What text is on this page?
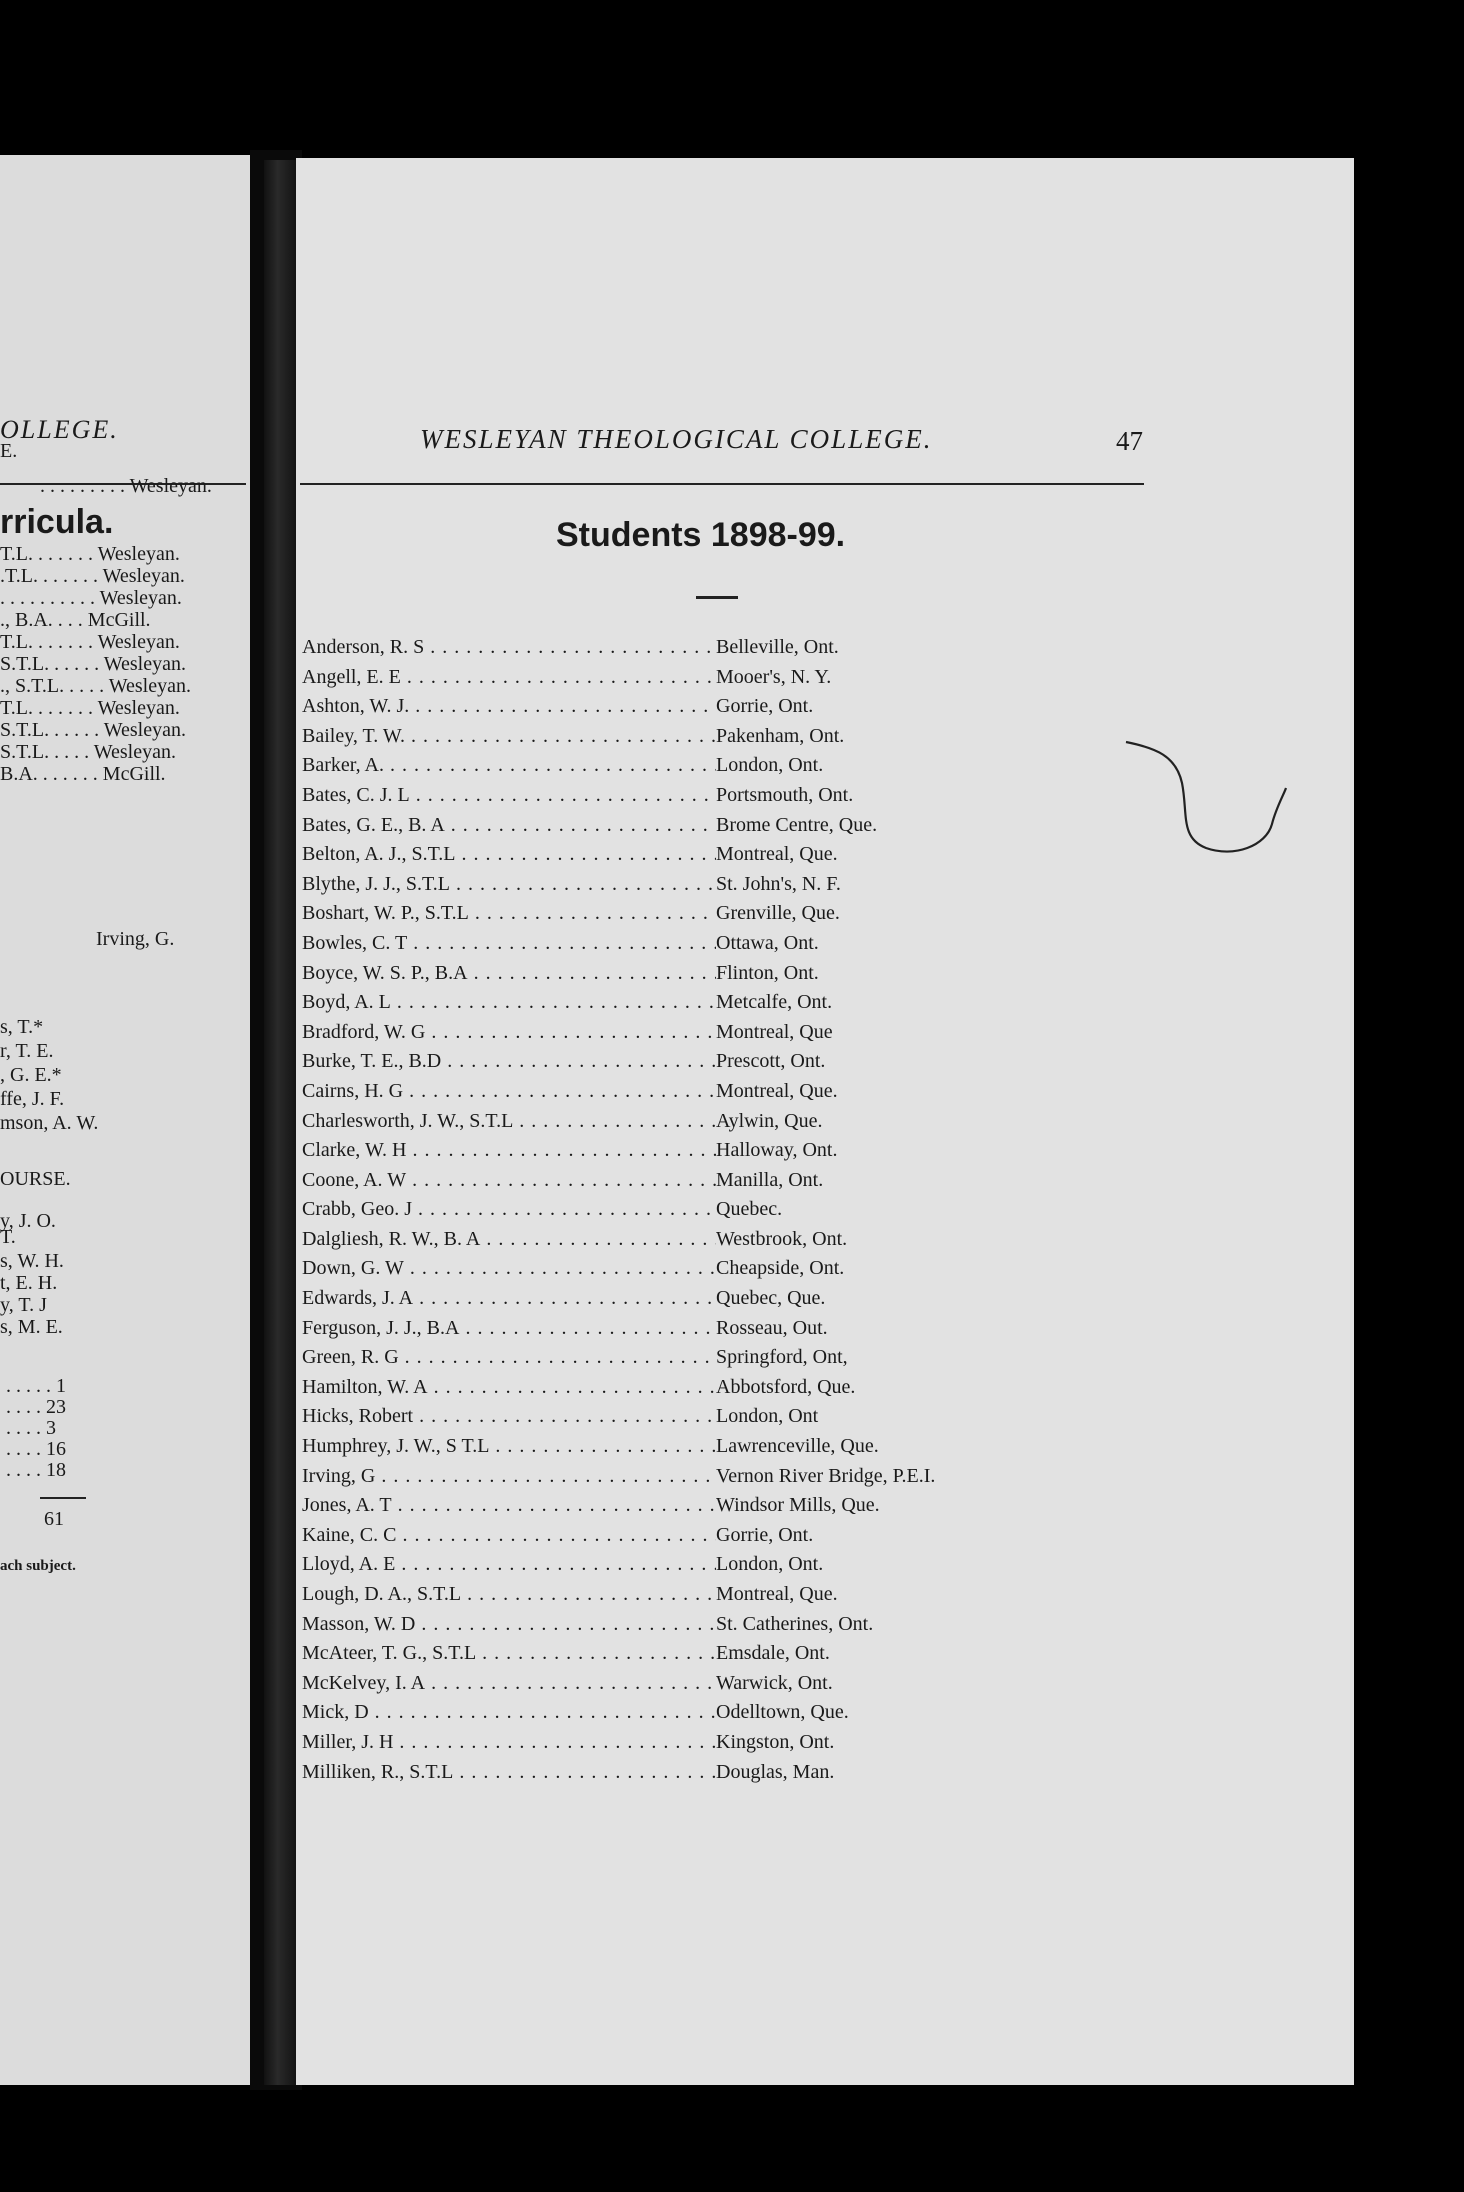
OLLEGE.
rricula.
E.
. . . . . . . . . Wesleyan.
T.L. . . . . . . Wesleyan.
.T.L. . . . . . . Wesleyan.
. . . . . . . . . . Wesleyan.
., B.A. . . . McGill.
T.L. . . . . . . Wesleyan.
S.T.L. . . . . . Wesleyan.
., S.T.L. . . . . Wesleyan.
T.L. . . . . . . Wesleyan.
S.T.L. . . . . . Wesleyan.
S.T.L. . . . . Wesleyan.
B.A. . . . . . . McGill.
Irving, G.
s, T.*
r, T. E.
, G. E.*
ffe, J. F.
mson, A. W.
OURSE.
y, J. O.
T.
s, W. H.
t, E. H.
y, T. J
s, M. E.
. . . . . 1
. . . . 23
. . . . 3
. . . . 16
. . . . 18
61
ach subject.
WESLEYAN THEOLOGICAL COLLEGE.	47
Students 1898-99.
Anderson, R. S . . .	Belleville, Ont.
Angell, E. E . . .	Mooer's, N. Y.
Ashton, W. J. . . .	Gorrie, Ont.
Bailey, T. W. . . .	Pakenham, Ont.
Barker, A. . . .	London, Ont.
Bates, C. J. L . . .	Portsmouth, Ont.
Bates, G. E., B. A . . .	Brome Centre, Que.
Belton, A. J., S.T.L . . .	Montreal, Que.
Blythe, J. J., S.T.L . . .	St. John's, N. F.
Boshart, W. P., S.T.L . . .	Grenville, Que.
Bowles, C. T . . .	Ottawa, Ont.
Boyce, W. S. P., B.A . . .	Flinton, Ont.
Boyd, A. L . . .	Metcalfe, Ont.
Bradford, W. G . . .	Montreal, Que
Burke, T. E., B.D . . .	Prescott, Ont.
Cairns, H. G . . .	Montreal, Que.
Charlesworth, J. W., S.T.L . . .	Aylwin, Que.
Clarke, W. H . . .	Halloway, Ont.
Coone, A. W . . .	Manilla, Ont.
Crabb, Geo. J . . .	Quebec.
Dalgliesh, R. W., B. A . . .	Westbrook, Ont.
Down, G. W . . .	Cheapside, Ont.
Edwards, J. A . . .	Quebec, Que.
Ferguson, J. J., B.A . . .	Rosseau, Out.
Green, R. G . . .	Springford, Ont,
Hamilton, W. A . . .	Abbotsford, Que.
Hicks, Robert . . .	London, Ont
Humphrey, J. W., S T.L . . .	Lawrenceville, Que.
Irving, G . . .	Vernon River Bridge, P.E.I.
Jones, A. T . . .	Windsor Mills, Que.
Kaine, C. C . . .	Gorrie, Ont.
Lloyd, A. E . . .	London, Ont.
Lough, D. A., S.T.L . . .	Montreal, Que.
Masson, W. D . . .	St. Catherines, Ont.
McAteer, T. G., S.T.L . . .	Emsdale, Ont.
McKelvey, I. A . . .	Warwick, Ont.
Mick, D . . .	Odelltown, Que.
Miller, J. H . . .	Kingston, Ont.
Milliken, R., S.T.L . . .	Douglas, Man.
